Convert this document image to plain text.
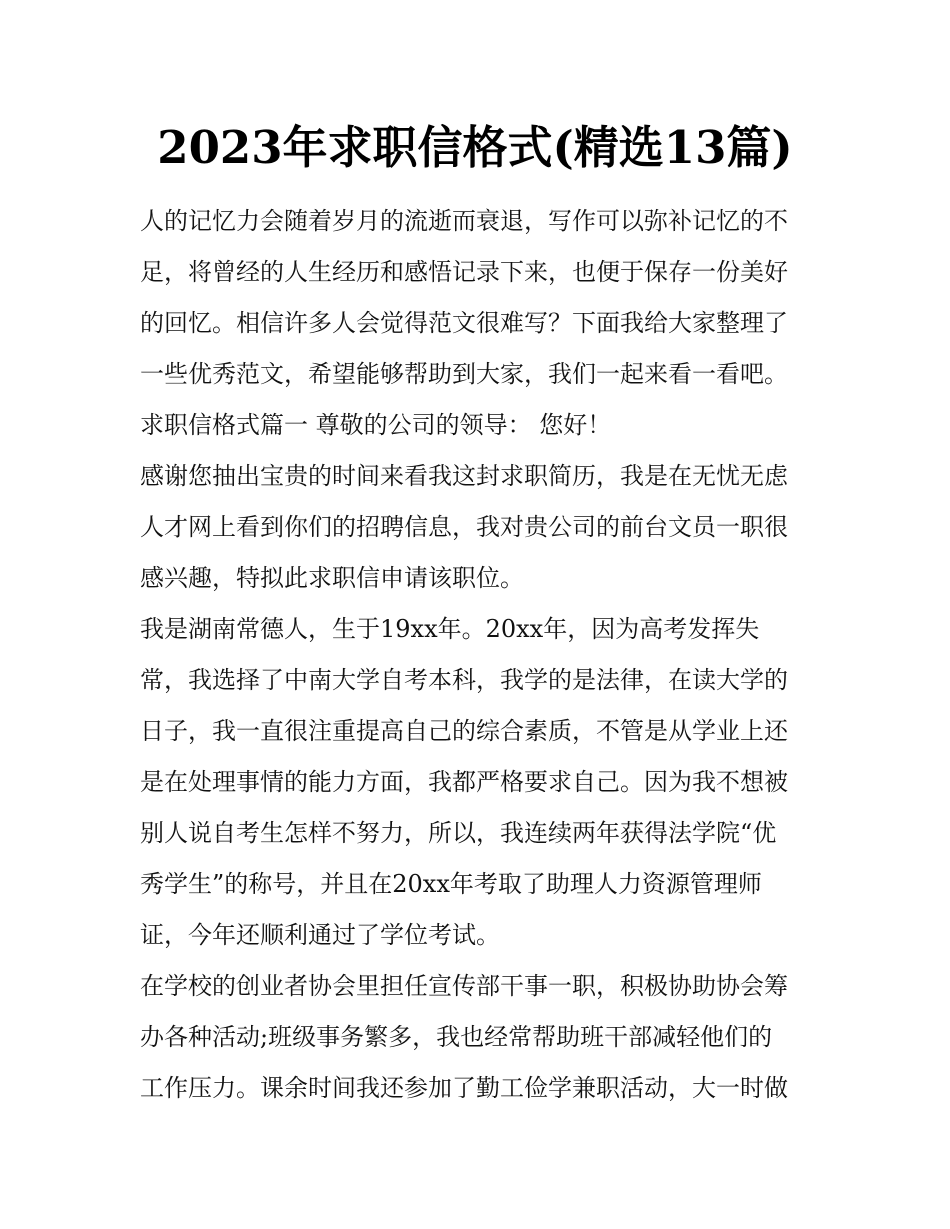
2023年求职信格式(精选13篇)

人的记忆力会随着岁月的流逝而衰退，写作可以弥补记忆的不

足，将曾经的人生经历和感悟记录下来，也便于保存一份美好

的回忆。相信许多人会觉得范文很难写？下面我给大家整理了

一些优秀范文，希望能够帮助到大家，我们一起来看一看吧。

求职信格式篇一 尊敬的公司的领导： 您好！

感谢您抽出宝贵的时间来看我这封求职简历，我是在无忧无虑

人才网上看到你们的招聘信息，我对贵公司的前台文员一职很

感兴趣，特拟此求职信申请该职位。

我是湖南常德人，生于19xx年。20xx年，因为高考发挥失

常，我选择了中南大学自考本科，我学的是法律，在读大学的

日子，我一直很注重提高自己的综合素质，不管是从学业上还

是在处理事情的能力方面，我都严格要求自己。因为我不想被

别人说自考生怎样不努力，所以，我连续两年获得法学院“优

秀学生”的称号，并且在20xx年考取了助理人力资源管理师

证，今年还顺利通过了学位考试。

在学校的创业者协会里担任宣传部干事一职，积极协助协会筹

办各种活动;班级事务繁多，我也经常帮助班干部减轻他们的

工作压力。课余时间我还参加了勤工俭学兼职活动，大一时做
